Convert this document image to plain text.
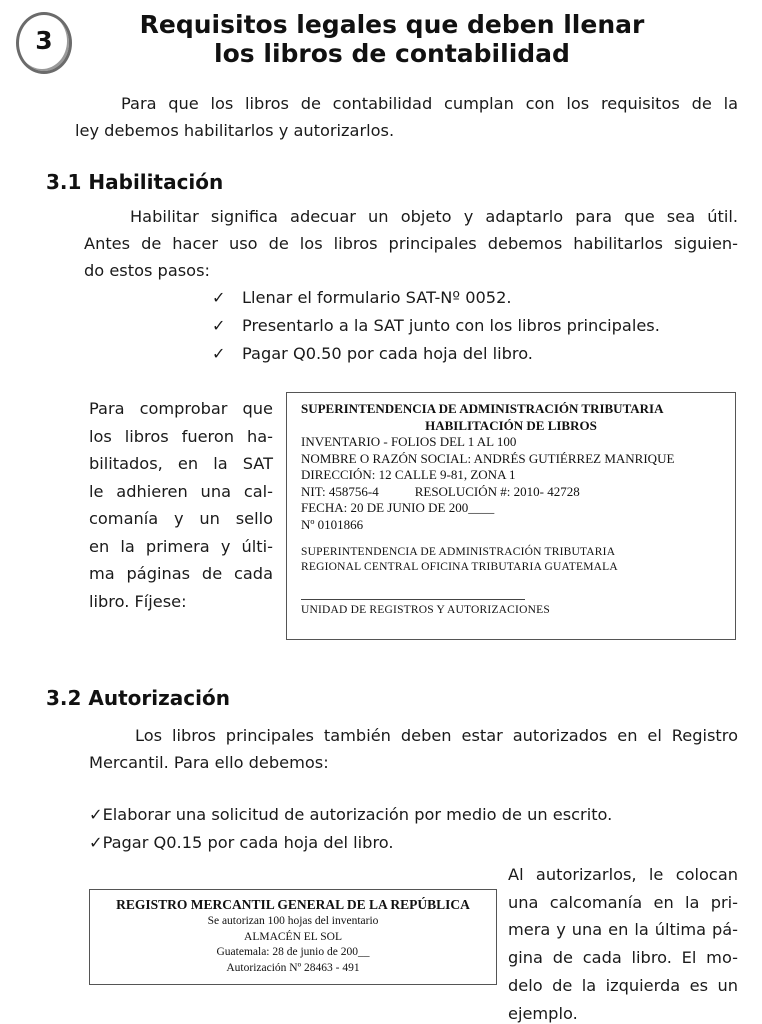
3
Requisitos legales que deben llenar
los libros de contabilidad
Para que los libros de contabilidad cumplan con los requisitos de la
ley debemos habilitarlos y autorizarlos.
3.1 Habilitación
Habilitar significa adecuar un objeto y adaptarlo para que sea útil.
Antes de hacer uso de los libros principales debemos habilitarlos siguien-
do estos pasos:
✓	Llenar el formulario SAT-Nº 0052.
✓	Presentarlo a la SAT junto con los libros principales.
✓	Pagar Q0.50 por cada hoja del libro.
Para comprobar que
los libros fueron ha-
bilitados, en la SAT
le adhieren una cal-
comanía y un sello
en la primera y últi-
ma páginas de cada
libro. Fíjese:
SUPERINTENDENCIA DE ADMINISTRACIÓN TRIBUTARIA
HABILITACIÓN DE LIBROS
INVENTARIO - FOLIOS DEL 1 AL 100
NOMBRE O RAZÓN SOCIAL: ANDRÉS GUTIÉRREZ MANRIQUE
DIRECCIÓN: 12 CALLE 9-81, ZONA 1
NIT: 458756-4	RESOLUCIÓN #: 2010- 42728
FECHA: 20 DE JUNIO DE 200____
Nº 0101866
SUPERINTENDENCIA DE ADMINISTRACIÓN TRIBUTARIA
REGIONAL CENTRAL OFICINA TRIBUTARIA GUATEMALA
UNIDAD DE REGISTROS Y AUTORIZACIONES
3.2 Autorización
Los libros principales también deben estar autorizados en el Registro
Mercantil. Para ello debemos:
✓Elaborar una solicitud de autorización por medio de un escrito.
✓Pagar Q0.15 por cada hoja del libro.
REGISTRO MERCANTIL GENERAL DE LA REPÚBLICA
Se autorizan 100 hojas del inventario
ALMACÉN EL SOL
Guatemala: 28 de junio de 200__
Autorización Nº 28463 - 491
Al autorizarlos, le colocan
una calcomanía en la pri-
mera y una en la última pá-
gina de cada libro. El mo-
delo de la izquierda es un
ejemplo.
